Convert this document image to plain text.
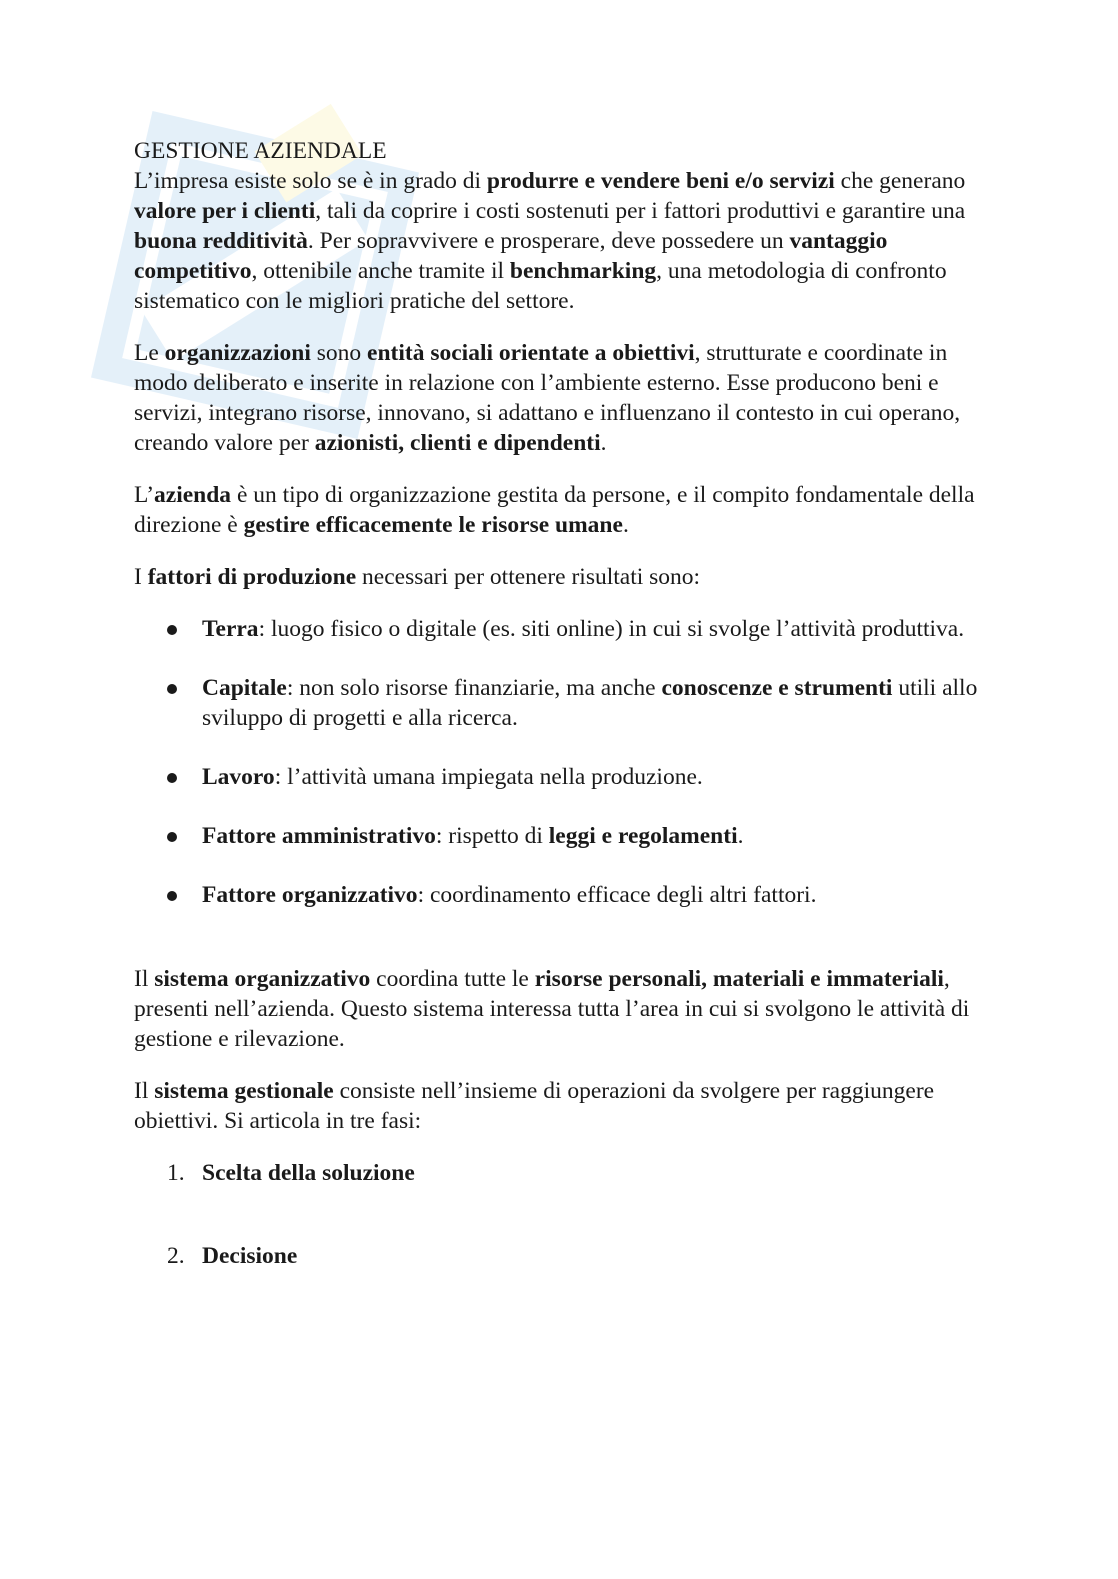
GESTIONE AZIENDALE

L’impresa esiste solo se è in grado di produrre e vendere beni e/o servizi che generano valore per i clienti, tali da coprire i costi sostenuti per i fattori produttivi e garantire una buona redditività. Per sopravvivere e prosperare, deve possedere un vantaggio competitivo, ottenibile anche tramite il benchmarking, una metodologia di confronto sistematico con le migliori pratiche del settore.

Le organizzazioni sono entità sociali orientate a obiettivi, strutturate e coordinate in modo deliberato e inserite in relazione con l’ambiente esterno. Esse producono beni e servizi, integrano risorse, innovano, si adattano e influenzano il contesto in cui operano, creando valore per azionisti, clienti e dipendenti.

L’azienda è un tipo di organizzazione gestita da persone, e il compito fondamentale della direzione è gestire efficacemente le risorse umane.

I fattori di produzione necessari per ottenere risultati sono:

Terra: luogo fisico o digitale (es. siti online) in cui si svolge l’attività produttiva.
Capitale: non solo risorse finanziarie, ma anche conoscenze e strumenti utili allo sviluppo di progetti e alla ricerca.
Lavoro: l’attività umana impiegata nella produzione.
Fattore amministrativo: rispetto di leggi e regolamenti.
Fattore organizzativo: coordinamento efficace degli altri fattori.

Il sistema organizzativo coordina tutte le risorse personali, materiali e immateriali, presenti nell’azienda. Questo sistema interessa tutta l’area in cui si svolgono le attività di gestione e rilevazione.

Il sistema gestionale consiste nell’insieme di operazioni da svolgere per raggiungere obiettivi. Si articola in tre fasi:

1. Scelta della soluzione
2. Decisione
